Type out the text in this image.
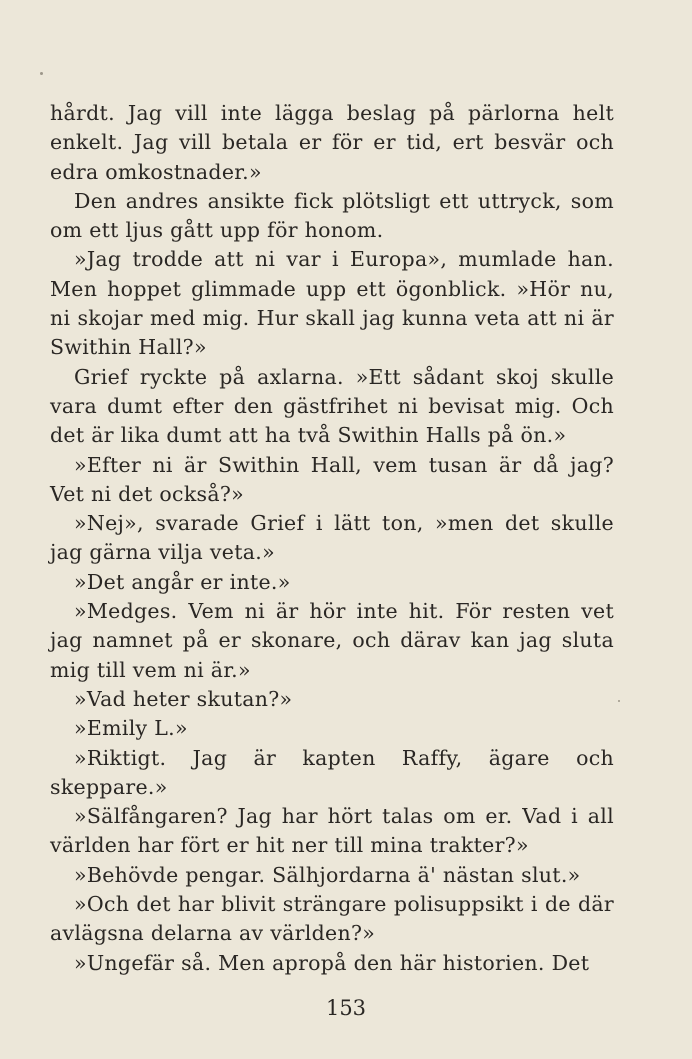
hårdt. Jag vill inte lägga beslag på pärlorna helt enkelt. Jag vill betala er för er tid, ert besvär och edra omkostnader.»

Den andres ansikte fick plötsligt ett uttryck, som om ett ljus gått upp för honom.

»Jag trodde att ni var i Europa», mumlade han. Men hoppet glimmade upp ett ögonblick. »Hör nu, ni skojar med mig. Hur skall jag kunna veta att ni är Swithin Hall?»

Grief ryckte på axlarna. »Ett sådant skoj skulle vara dumt efter den gästfrihet ni bevisat mig. Och det är lika dumt att ha två Swithin Halls på ön.»

»Efter ni är Swithin Hall, vem tusan är då jag? Vet ni det också?»

»Nej», svarade Grief i lätt ton, »men det skulle jag gärna vilja veta.»

»Det angår er inte.»

»Medges. Vem ni är hör inte hit. För resten vet jag namnet på er skonare, och därav kan jag sluta mig till vem ni är.»

»Vad heter skutan?»

»Emily L.»

»Riktigt. Jag är kapten Raffy, ägare och skeppare.»

»Sälfångaren? Jag har hört talas om er. Vad i all världen har fört er hit ner till mina trakter?»

»Behövde pengar. Sälhjordarna ä' nästan slut.»

»Och det har blivit strängare polisuppsikt i de där avlägsna delarna av världen?»

»Ungefär så. Men apropå den här historien. Det

153
